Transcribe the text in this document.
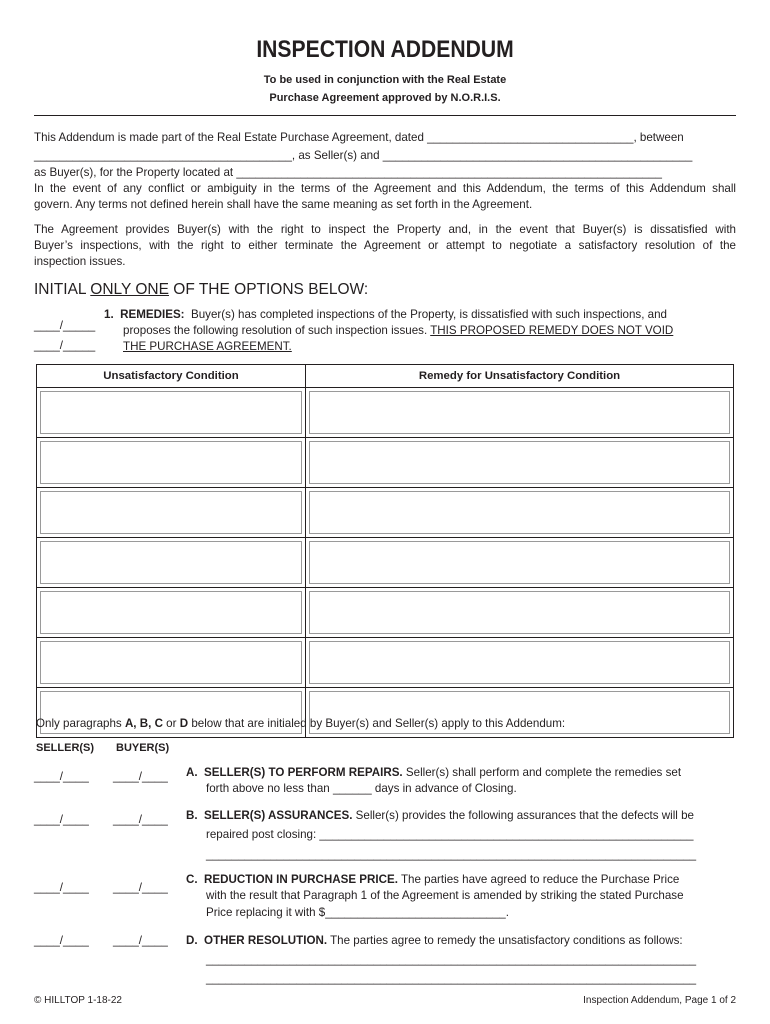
INSPECTION ADDENDUM
To be used in conjunction with the Real Estate
Purchase Agreement approved by N.O.R.I.S.
This Addendum is made part of the Real Estate Purchase Agreement, dated ________________________________, between
________________________________________, as Seller(s) and ________________________________________________
as Buyer(s), for the Property located at __________________________________________________________________
In the event of any conflict or ambiguity in the terms of the Agreement and this Addendum, the terms of this Addendum shall
govern. Any terms not defined herein shall have the same meaning as set forth in the Agreement.
The Agreement provides Buyer(s) with the right to inspect the Property and, in the event that Buyer(s) is dissatisfied with
Buyer’s inspections, with the right to either terminate the Agreement or attempt to negotiate a satisfactory resolution of the
inspection issues.
INITIAL ONLY ONE OF THE OPTIONS BELOW:
____/_____
____/_____
1. REMEDIES: Buyer(s) has completed inspections of the Property, is dissatisfied with such inspections, and
proposes the following resolution of such inspection issues. THIS PROPOSED REMEDY DOES NOT VOID
THE PURCHASE AGREEMENT.
Unsatisfactory Condition	Remedy for Unsatisfactory Condition

Only paragraphs A, B, C or D below that are initialed by Buyer(s) and Seller(s) apply to this Addendum:
SELLER(S) BUYER(S)
____/____ ____/____ A. SELLER(S) TO PERFORM REPAIRS. Seller(s) shall perform and complete the remedies set
forth above no less than ______ days in advance of Closing.
____/____ ____/____ B. SELLER(S) ASSURANCES. Seller(s) provides the following assurances that the defects will be
repaired post closing: __________________________________________________________
____________________________________________________________________________
____/____ ____/____
C. REDUCTION IN PURCHASE PRICE. The parties have agreed to reduce the Purchase Price
with the result that Paragraph 1 of the Agreement is amended by striking the stated Purchase
Price replacing it with $____________________________.
____/____ ____/____ D. OTHER RESOLUTION. The parties agree to remedy the unsatisfactory conditions as follows:
____________________________________________________________________________
____________________________________________________________________________
© HILLTOP 1-18-22	Inspection Addendum, Page 1 of 2
